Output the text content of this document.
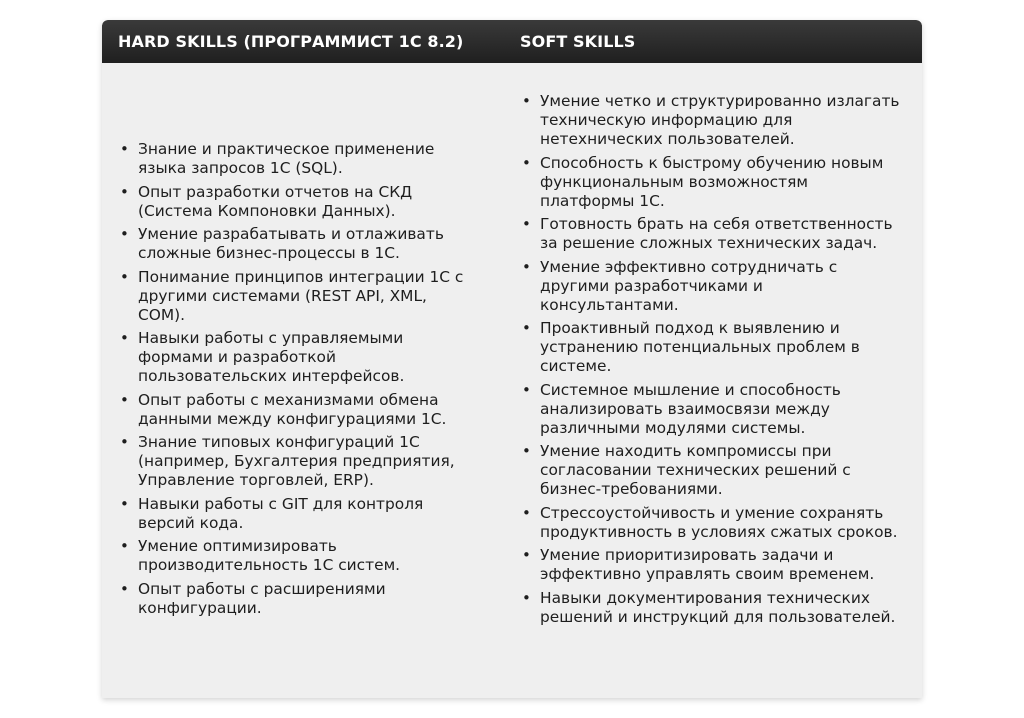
HARD SKILLS (ПРОГРАММИСТ 1С 8.2)	SOFT SKILLS
• Знание и практическое применение языка запросов 1С (SQL).
• Опыт разработки отчетов на СКД (Система Компоновки Данных).
• Умение разрабатывать и отлаживать сложные бизнес-процессы в 1С.
• Понимание принципов интеграции 1С с другими системами (REST API, XML, COM).
• Навыки работы с управляемыми формами и разработкой пользовательских интерфейсов.
• Опыт работы с механизмами обмена данными между конфигурациями 1С.
• Знание типовых конфигураций 1С (например, Бухгалтерия предприятия, Управление торговлей, ERP).
• Навыки работы с GIT для контроля версий кода.
• Умение оптимизировать производительность 1С систем.
• Опыт работы с расширениями конфигурации.
• Умение четко и структурированно излагать техническую информацию для нетехнических пользователей.
• Способность к быстрому обучению новым функциональным возможностям платформы 1С.
• Готовность брать на себя ответственность за решение сложных технических задач.
• Умение эффективно сотрудничать с другими разработчиками и консультантами.
• Проактивный подход к выявлению и устранению потенциальных проблем в системе.
• Системное мышление и способность анализировать взаимосвязи между различными модулями системы.
• Умение находить компромиссы при согласовании технических решений с бизнес-требованиями.
• Стрессоустойчивость и умение сохранять продуктивность в условиях сжатых сроков.
• Умение приоритизировать задачи и эффективно управлять своим временем.
• Навыки документирования технических решений и инструкций для пользователей.
